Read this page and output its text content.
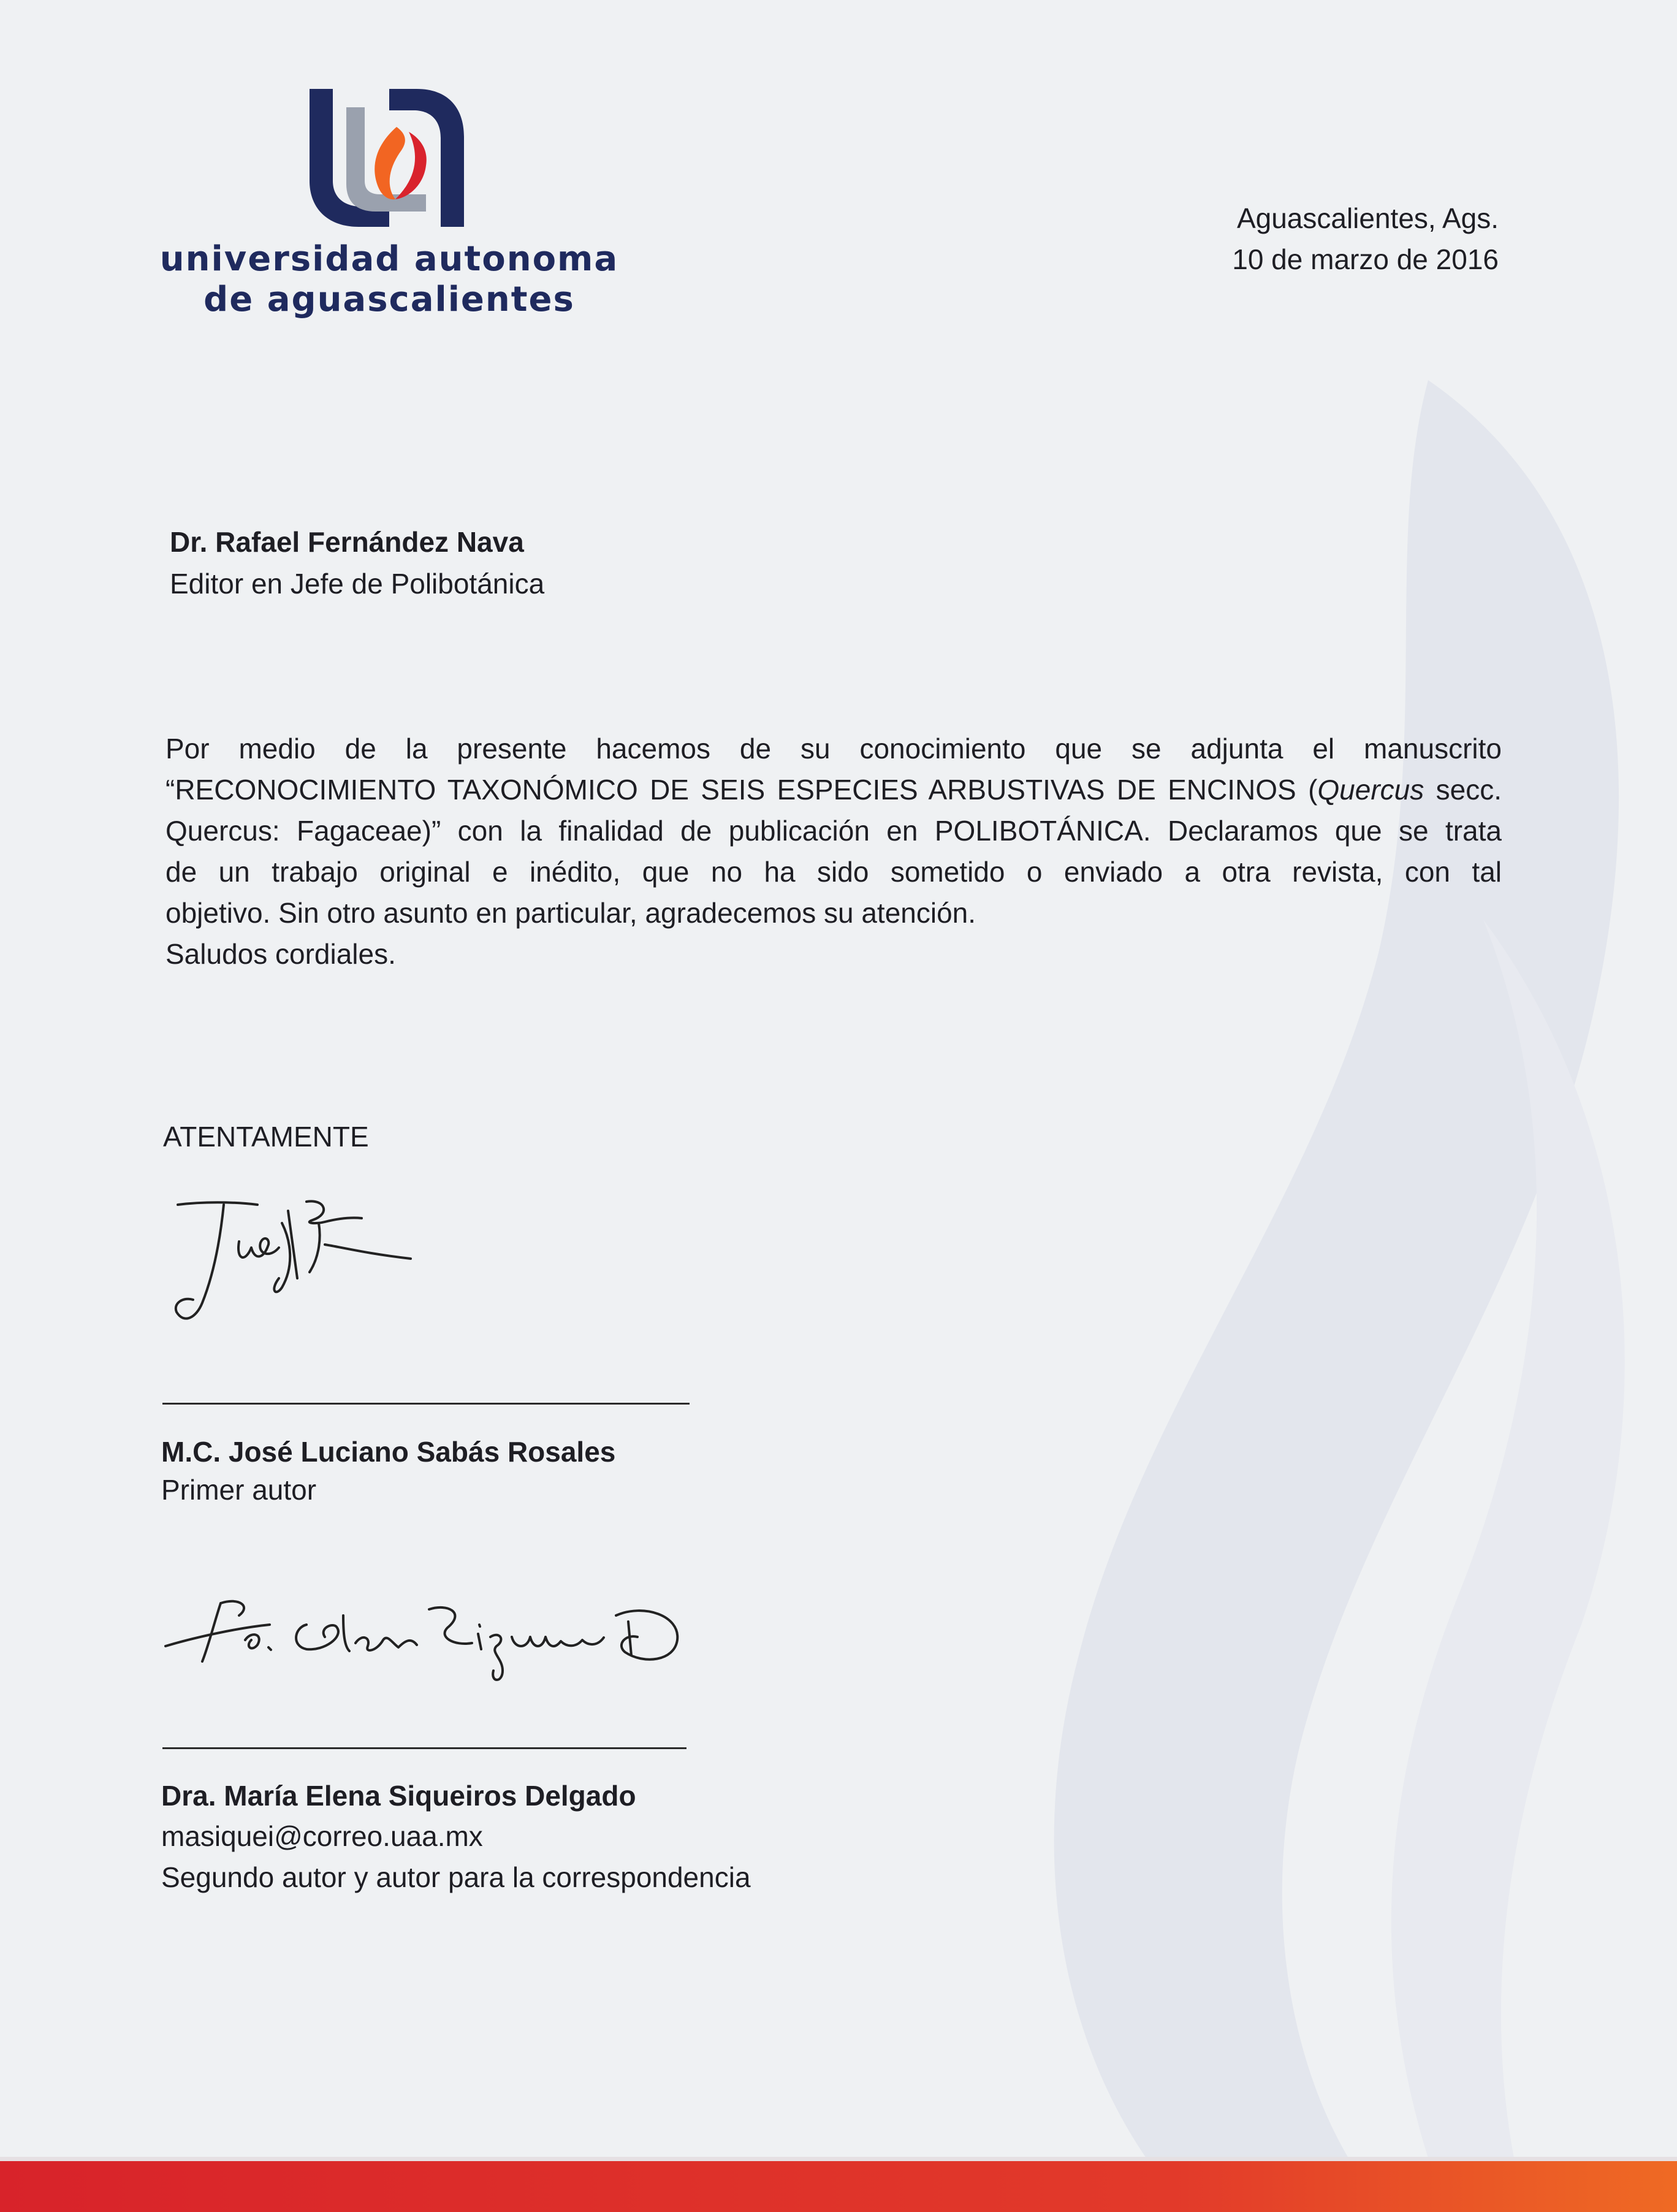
universidad autonoma
de aguascalientes
Aguascalientes, Ags.
10 de marzo de 2016
Dr. Rafael Fernández Nava
Editor en Jefe de Polibotánica
Por medio de la presente hacemos de su conocimiento que se adjunta el manuscrito
“RECONOCIMIENTO TAXONÓMICO DE SEIS ESPECIES ARBUSTIVAS DE ENCINOS (Quercus secc.
Quercus: Fagaceae)” con la finalidad de publicación en POLIBOTÁNICA. Declaramos que se trata
de un trabajo original e inédito, que no ha sido sometido o enviado a otra revista, con tal
objetivo. Sin otro asunto en particular, agradecemos su atención.
Saludos cordiales.
ATENTAMENTE
M.C. José Luciano Sabás Rosales
Primer autor
Dra. María Elena Siqueiros Delgado
masiquei@correo.uaa.mx
Segundo autor y autor para la correspondencia
